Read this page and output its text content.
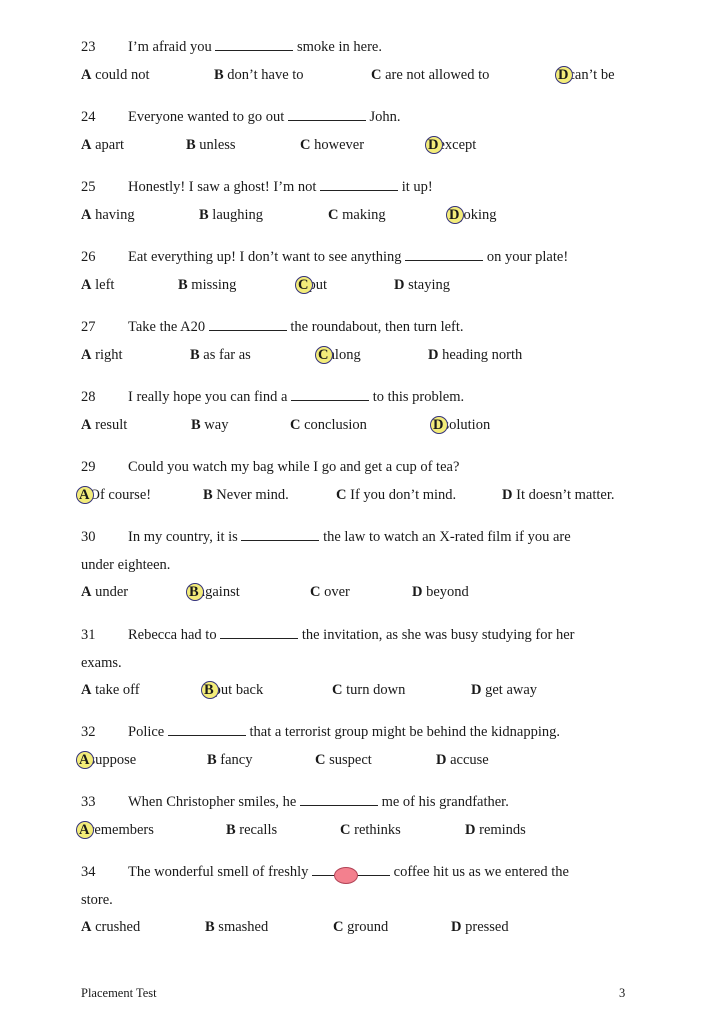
23 I’m afraid you	smoke in here.
A could not	B don’t have to	C are not allowed to	Dcan’t be
24 Everyone wanted to go out	John.
A apart	B unless	C however	Dexcept
25 Honestly! I saw a ghost! I’m not	it up!
A having	B laughing	C making	Djoking
26 Eat everything up! I don’t want to see anything	on your plate!
A left	B missing	Cput	D staying
27 Take the A20	the roundabout, then turn left.
A right	B as far as	Calong	D heading north
28 I really hope you can find a	to this problem.
A result	B way	C conclusion	Dsolution
29 Could you watch my bag while I go and get a cup of tea?
AOf course!	B Never mind.	C If you don’t mind.	D It doesn’t matter.
30 In my country, it is	the law to watch an X-rated film if you are
under eighteen.
A under	Bagainst	C over	D beyond
31 Rebecca had to	the invitation, as she was busy studying for her
exams.
A take off	Bput back	C turn down	D get away
32 Police	that a terrorist group might be behind the kidnapping.
Asuppose	B fancy	C suspect	D accuse
33 When Christopher smiles, he	me of his grandfather.
Aremembers	B recalls	C rethinks	D reminds
34 The wonderful smell of freshly	coffee hit us as we entered the
store.
A crushed	B smashed	C ground	D pressed
Placement Test	3
